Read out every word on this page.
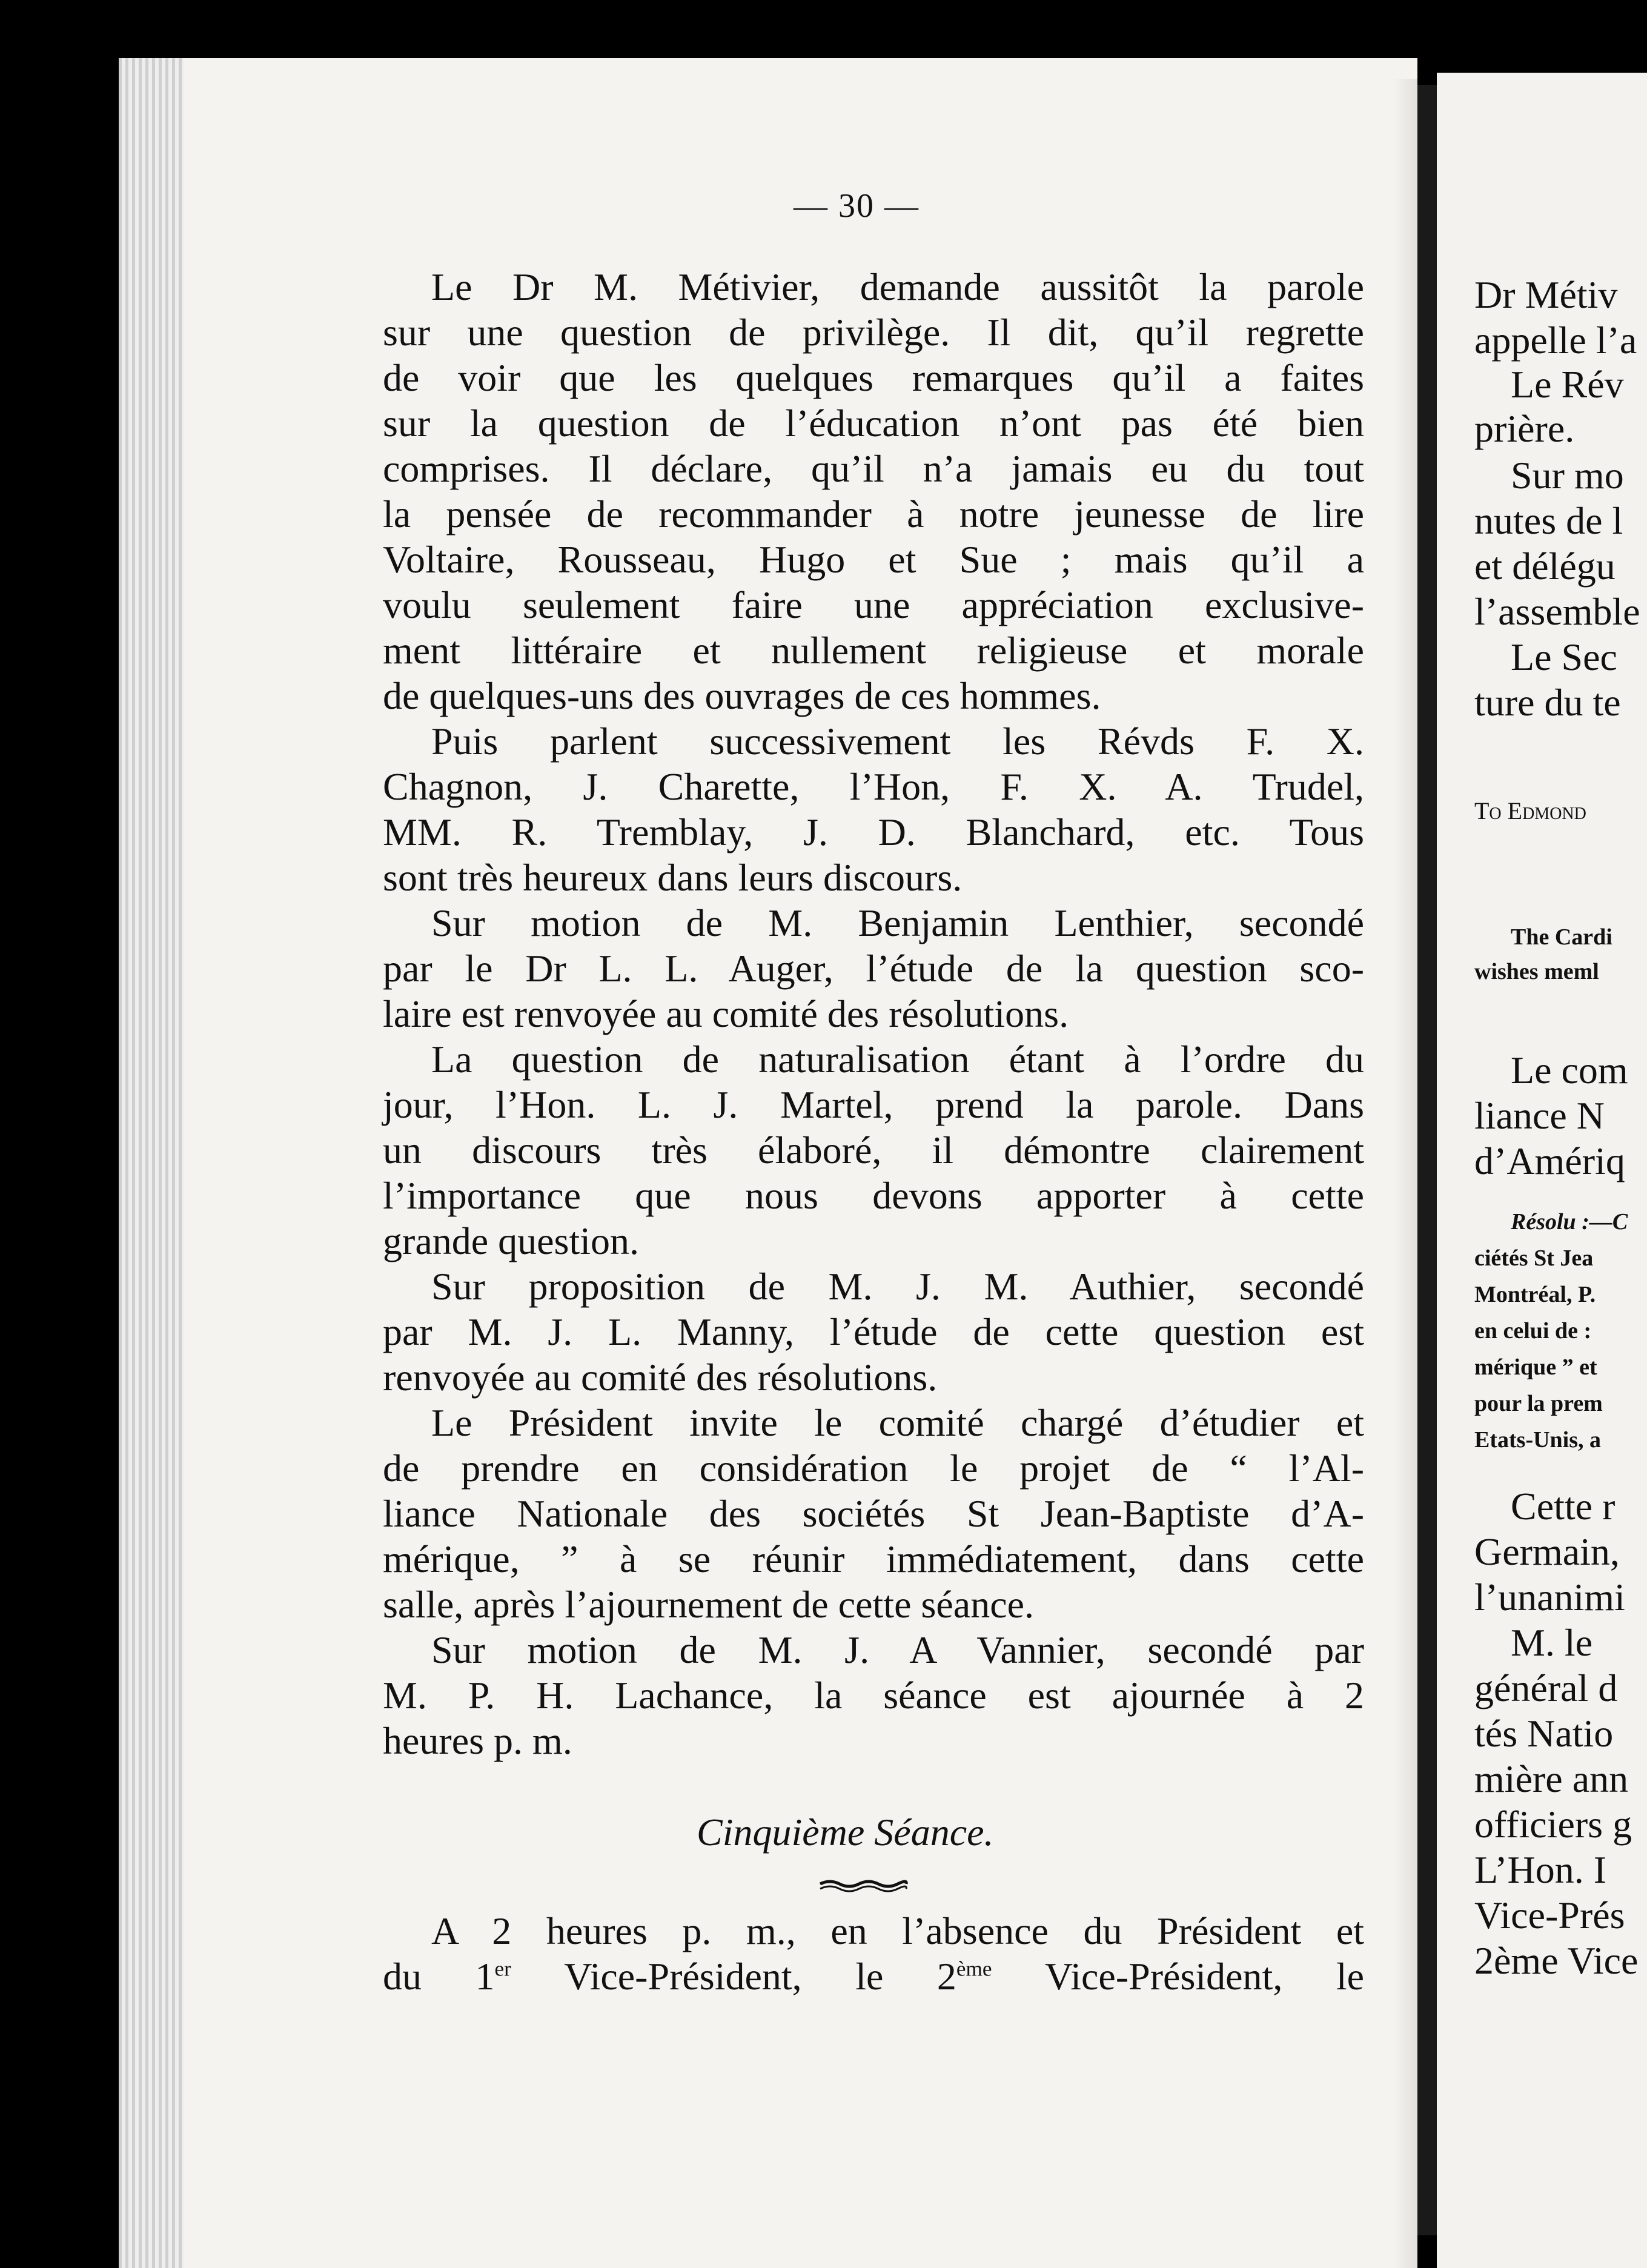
Dr Métiv
appelle l’a
Le Rév
prière.
Sur mo
nutes de l
et délégu
l’assemble
Le Sec
ture du te
To Edmond
The Cardi
wishes meml
Le com
liance N
d’Amériq
Résolu :—C
ciétés St Jea
Montréal, P.
en celui de :
mérique ” et
pour la prem
Etats-Unis, a
Cette r
Germain,
l’unanimi
M. le
général d
tés Natio
mière ann
officiers g
L’Hon. I
Vice-Prés
2ème Vice
— 30 —

Le Dr M. Métivier, demande aussitôt la parole

sur une question de privilège. Il dit, qu’il regrette

de voir que les quelques remarques qu’il a faites

sur la question de l’éducation n’ont pas été bien

comprises. Il déclare, qu’il n’a jamais eu du tout

la pensée de recommander à notre jeunesse de lire

Voltaire, Rousseau, Hugo et Sue ; mais qu’il a

voulu seulement faire une appréciation exclusive-

ment littéraire et nullement religieuse et morale

de quelques-uns des ouvrages de ces hommes.

Puis parlent successivement les Révds F. X.

Chagnon, J. Charette, l’Hon, F. X. A. Trudel,

MM. R. Tremblay, J. D. Blanchard, etc. Tous

sont très heureux dans leurs discours.

Sur motion de M. Benjamin Lenthier, secondé

par le Dr L. L. Auger, l’étude de la question sco-

laire est renvoyée au comité des résolutions.

La question de naturalisation étant à l’ordre du

jour, l’Hon. L. J. Martel, prend la parole. Dans

un discours très élaboré, il démontre clairement

l’importance que nous devons apporter à cette

grande question.

Sur proposition de M. J. M. Authier, secondé

par M. J. L. Manny, l’étude de cette question est

renvoyée au comité des résolutions.

Le Président invite le comité chargé d’étudier et

de prendre en considération le projet de “ l’Al-

liance Nationale des sociétés St Jean-Baptiste d’A-

mérique, ” à se réunir immédiatement, dans cette

salle, après l’ajournement de cette séance.

Sur motion de M. J. A Vannier, secondé par

M. P. H. Lachance, la séance est ajournée à 2

heures p. m.

Cinquième Séance.

A 2 heures p. m., en l’absence du Président et

du 1er Vice-Président, le 2ème Vice-Président, le
